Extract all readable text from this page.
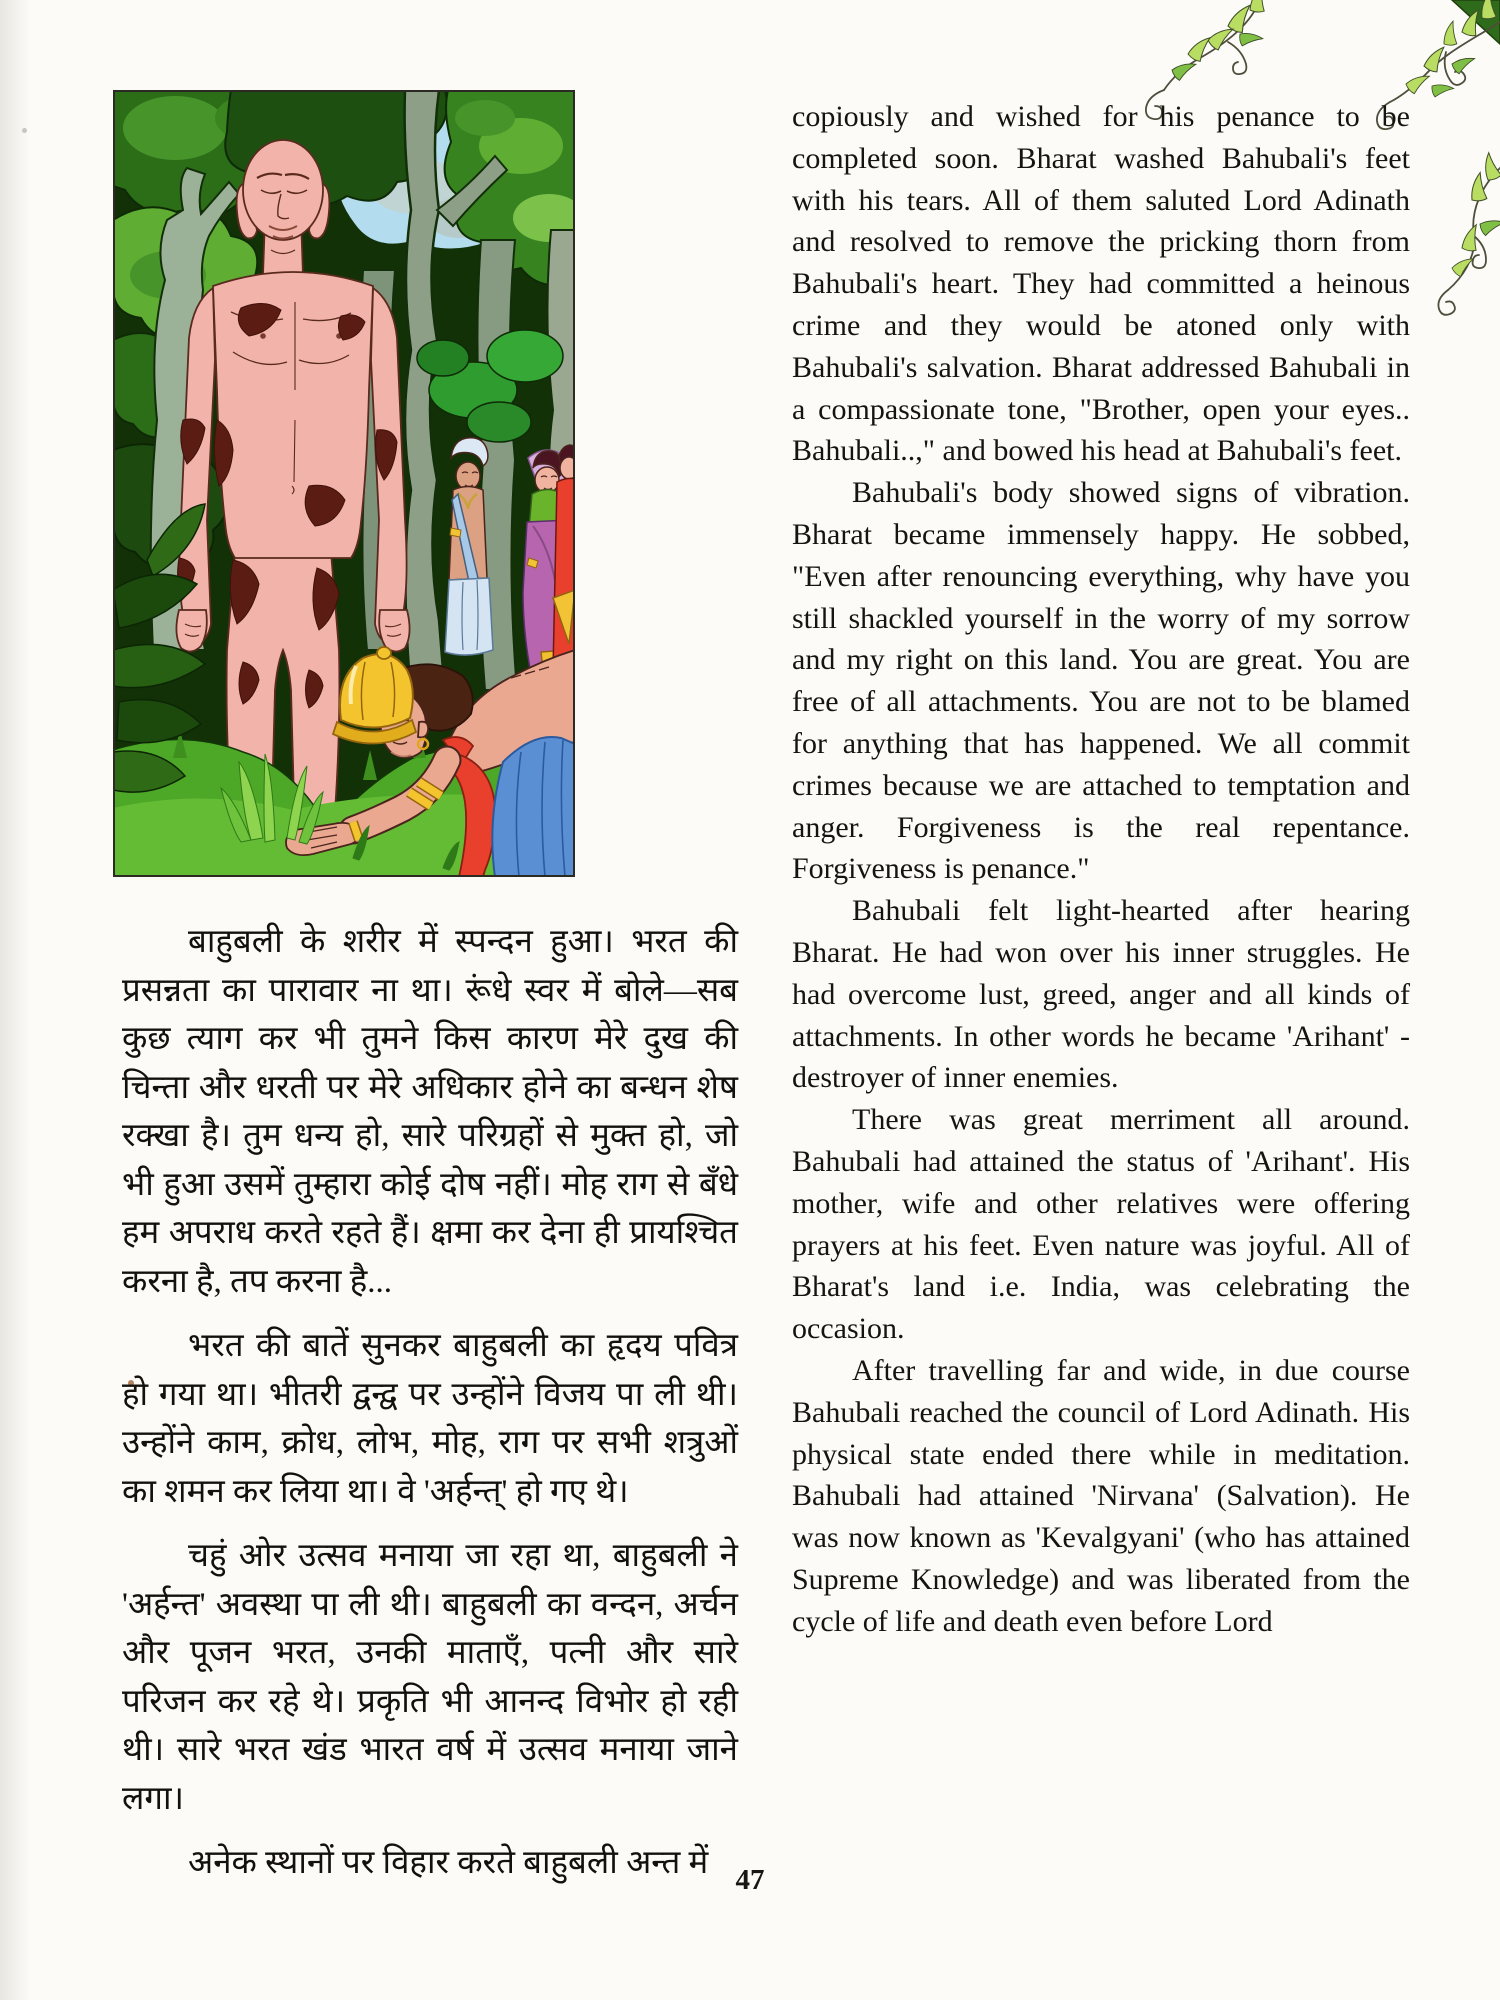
बाहुबली के शरीर में स्पन्दन हुआ। भरत की प्रसन्नता का पारावार ना था। रूंधे स्वर में बोले—सब कुछ त्याग कर भी तुमने किस कारण मेरे दुख की चिन्ता और धरती पर मेरे अधिकार होने का बन्धन शेष रक्खा है। तुम धन्य हो, सारे परिग्रहों से मुक्त हो, जो भी हुआ उसमें तुम्हारा कोई दोष नहीं। मोह राग से बँधे हम अपराध करते रहते हैं। क्षमा कर देना ही प्रायश्चित करना है, तप करना है...

भरत की बातें सुनकर बाहुबली का हृदय पवित्र हो गया था। भीतरी द्वन्द्व पर उन्होंने विजय पा ली थी। उन्होंने काम, क्रोध, लोभ, मोह, राग पर सभी शत्रुओं का शमन कर लिया था। वे 'अर्हन्त्' हो गए थे।

चहुं ओर उत्सव मनाया जा रहा था, बाहुबली ने 'अर्हन्त' अवस्था पा ली थी। बाहुबली का वन्दन, अर्चन और पूजन भरत, उनकी माताएँ, पत्नी और सारे परिजन कर रहे थे। प्रकृति भी आनन्द विभोर हो रही थी। सारे भरत खंड भारत वर्ष में उत्सव मनाया जाने लगा।

अनेक स्थानों पर विहार करते बाहुबली अन्त में

copiously and wished for his penance to be completed soon. Bharat washed Bahubali's feet with his tears. All of them saluted Lord Adinath and resolved to remove the pricking thorn from Bahubali's heart. They had committed a heinous crime and they would be atoned only with Bahubali's salvation. Bharat addressed Bahubali in a compassionate tone, "Brother, open your eyes.. Bahubali..," and bowed his head at Bahubali's feet.

Bahubali's body showed signs of vibration. Bharat became immensely happy. He sobbed, "Even after renouncing everything, why have you still shackled yourself in the worry of my sorrow and my right on this land. You are great. You are free of all attachments. You are not to be blamed for anything that has happened. We all commit crimes because we are attached to temptation and anger. Forgiveness is the real repentance. Forgiveness is penance."

Bahubali felt light-hearted after hearing Bharat. He had won over his inner struggles. He had overcome lust, greed, anger and all kinds of attachments. In other words he became 'Arihant' - destroyer of inner enemies.

There was great merriment all around. Bahubali had attained the status of 'Arihant'. His mother, wife and other relatives were offering prayers at his feet. Even nature was joyful. All of Bharat's land i.e. India, was celebrating the occasion.

After travelling far and wide, in due course Bahubali reached the council of Lord Adinath. His physical state ended there while in meditation. Bahubali had attained 'Nirvana' (Salvation). He was now known as 'Kevalgyani' (who has attained Supreme Knowledge) and was liberated from the cycle of life and death even before Lord

47
